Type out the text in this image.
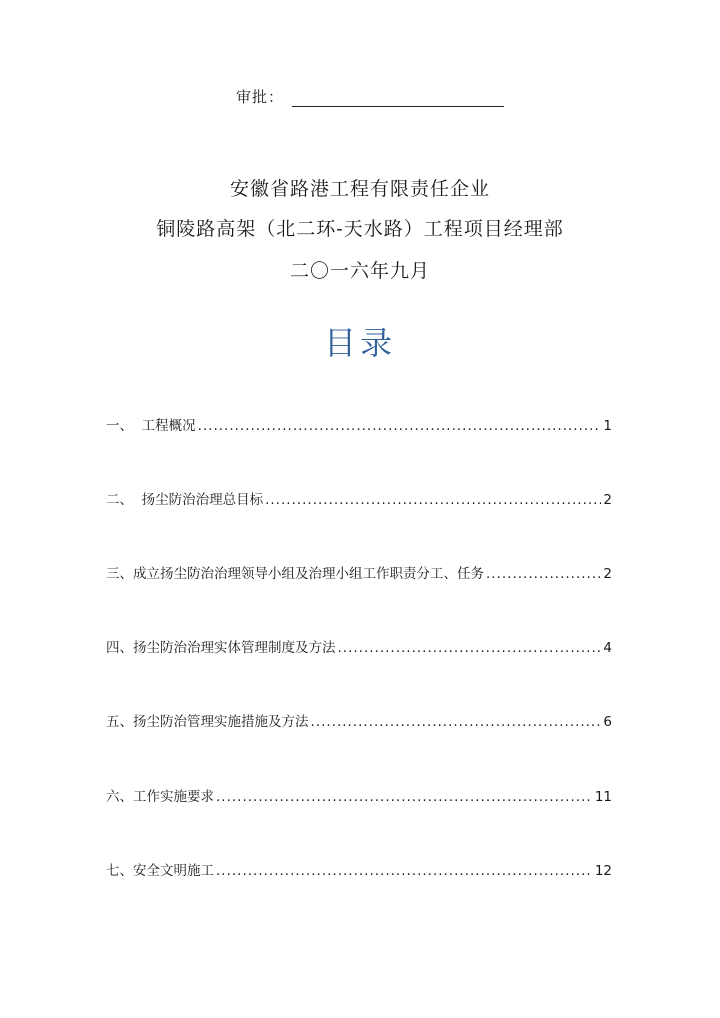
审批：
安徽省路港工程有限责任企业
铜陵路高架（北二环-天水路）工程项目经理部
二〇一六年九月
目录
一、 工程概况 .....	1
二、 扬尘防治治理总目标 .....	2
三、 成立扬尘防治治理领导小组及治理小组工作职责分工、任务 .....	2
四、 扬尘防治治理实体管理制度及方法 .....	4
五、 扬尘防治管理实施措施及方法 .....	6
六、 工作实施要求 .....	11
七、 安全文明施工 .....	12
